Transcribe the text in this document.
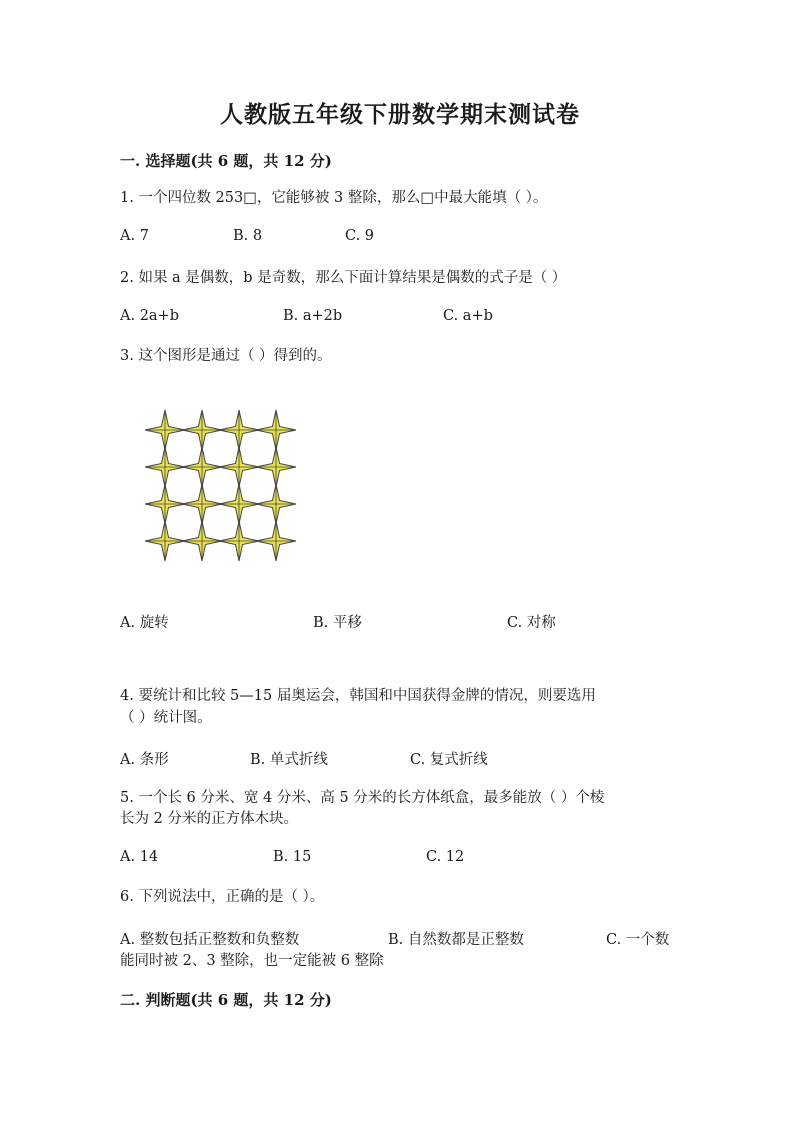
人教版五年级下册数学期末测试卷
一. 选择题(共 6 题，共 12 分)
1. 一个四位数 253□，它能够被 3 整除，那么□中最大能填（ ）。
A. 7	B. 8	C. 9
2. 如果 a 是偶数，b 是奇数，那么下面计算结果是偶数的式子是（ ）
A. 2a+b	B. a+2b	C. a+b
3. 这个图形是通过（ ）得到的。
A. 旋转	B. 平移	C. 对称
4. 要统计和比较 5—15 届奥运会，韩国和中国获得金牌的情况，则要选用
（ ）统计图。
A. 条形	B. 单式折线	C. 复式折线
5. 一个长 6 分米、宽 4 分米、高 5 分米的长方体纸盒，最多能放（ ）个棱
长为 2 分米的正方体木块。
A. 14	B. 15	C. 12
6. 下列说法中，正确的是（ ）。
A. 整数包括正整数和负整数	B. 自然数都是正整数	C. 一个数
能同时被 2、3 整除，也一定能被 6 整除
二. 判断题(共 6 题，共 12 分)
